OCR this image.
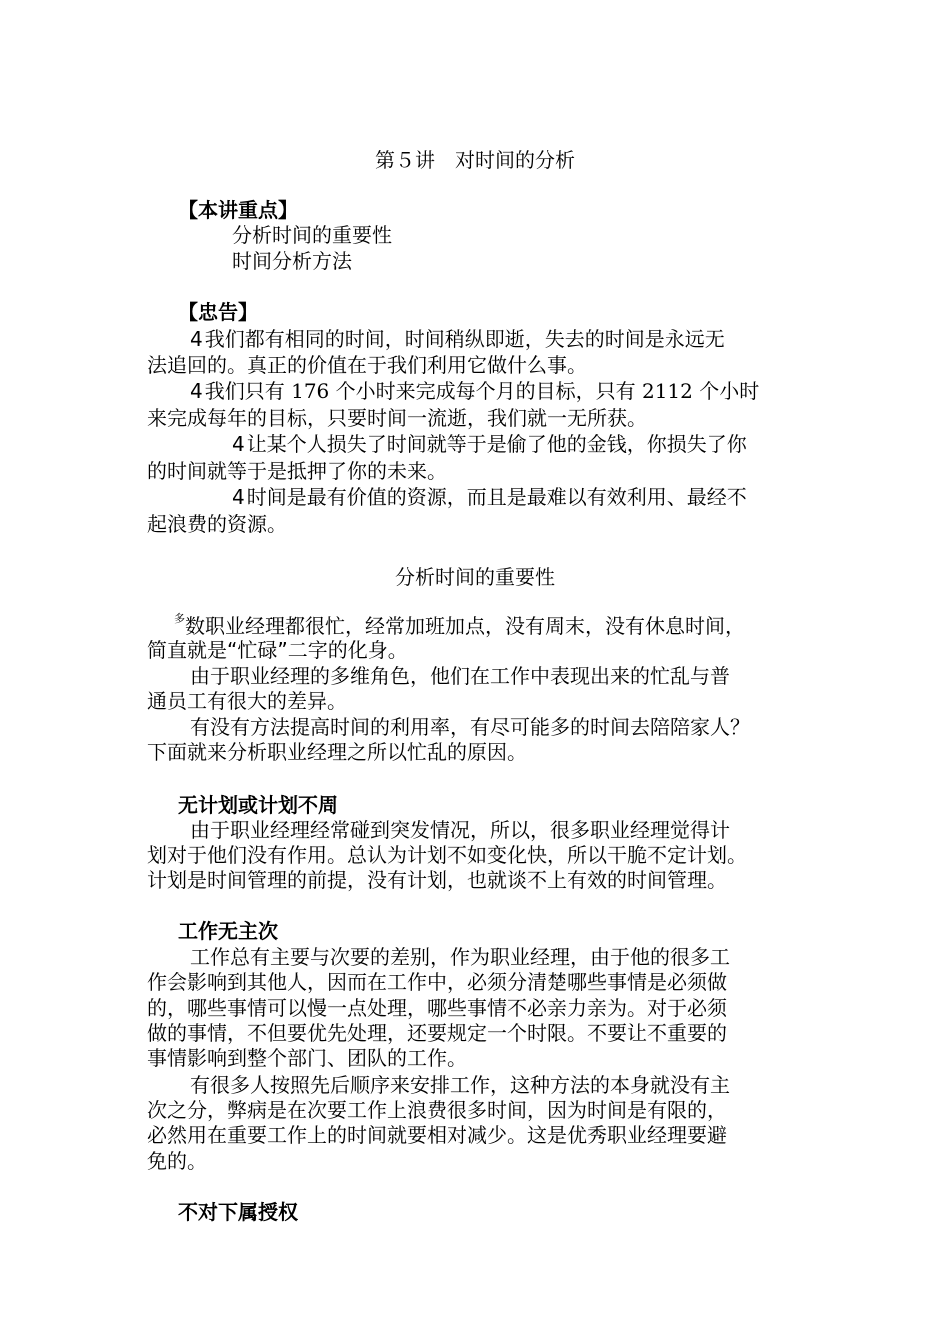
第５讲　对时间的分析
【本讲重点】
分析时间的重要性
时间分析方法
【忠告】
4 我们都有相同的时间，时间稍纵即逝，失去的时间是永远无
法追回的。真正的价值在于我们利用它做什么事。
4 我们只有 176 个小时来完成每个月的目标，只有 2112 个小时
来完成每年的目标，只要时间一流逝，我们就一无所获。
4 让某个人损失了时间就等于是偷了他的金钱，你损失了你
的时间就等于是抵押了你的未来。
4 时间是最有价值的资源，而且是最难以有效利用、最经不
起浪费的资源。
分析时间的重要性
$^多$数职业经理都很忙，经常加班加点，没有周末，没有休息时间，
简直就是“忙碌”二字的化身。
由于职业经理的多维角色，他们在工作中表现出来的忙乱与普
通员工有很大的差异。
有没有方法提高时间的利用率，有尽可能多的时间去陪陪家人？
下面就来分析职业经理之所以忙乱的原因。
无计划或计划不周
由于职业经理经常碰到突发情况，所以，很多职业经理觉得计
划对于他们没有作用。总认为计划不如变化快，所以干脆不定计划。
计划是时间管理的前提，没有计划，也就谈不上有效的时间管理。
工作无主次
工作总有主要与次要的差别，作为职业经理，由于他的很多工
作会影响到其他人，因而在工作中，必须分清楚哪些事情是必须做
的，哪些事情可以慢一点处理，哪些事情不必亲力亲为。对于必须
做的事情，不但要优先处理，还要规定一个时限。不要让不重要的
事情影响到整个部门、团队的工作。
有很多人按照先后顺序来安排工作，这种方法的本身就没有主
次之分，弊病是在次要工作上浪费很多时间，因为时间是有限的，
必然用在重要工作上的时间就要相对减少。这是优秀职业经理要避
免的。
不对下属授权
